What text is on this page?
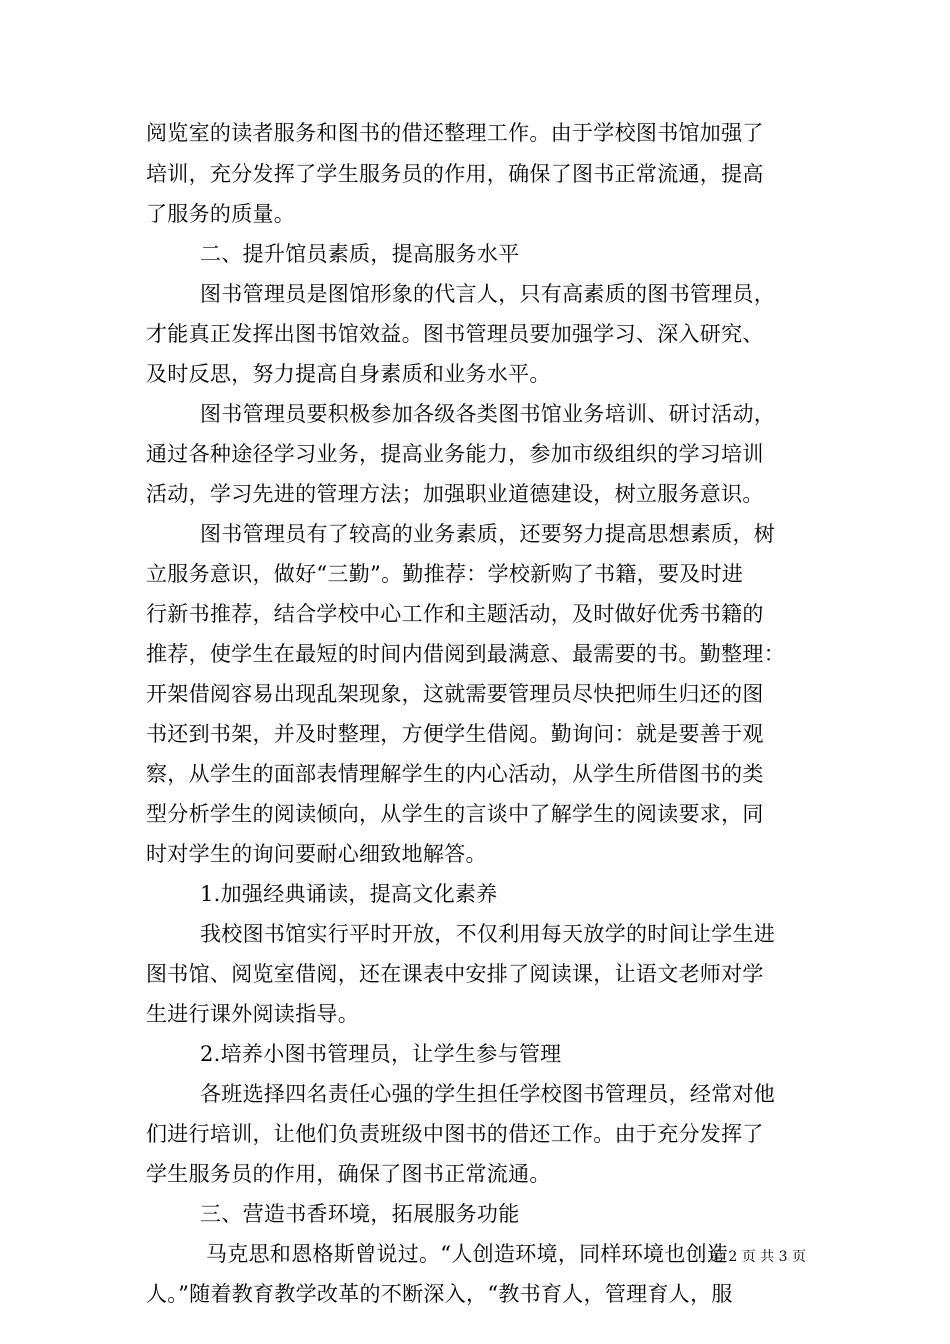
阅览室的读者服务和图书的借还整理工作。由于学校图书馆加强了
培训，充分发挥了学生服务员的作用，确保了图书正常流通，提高
了服务的质量。
二、提升馆员素质，提高服务水平
图书管理员是图馆形象的代言人，只有高素质的图书管理员，
才能真正发挥出图书馆效益。图书管理员要加强学习、深入研究、
及时反思，努力提高自身素质和业务水平。
图书管理员要积极参加各级各类图书馆业务培训、研讨活动，
通过各种途径学习业务，提高业务能力，参加市级组织的学习培训
活动，学习先进的管理方法；加强职业道德建设，树立服务意识。
图书管理员有了较高的业务素质，还要努力提高思想素质，树
立服务意识，做好“三勤”。勤推荐：学校新购了书籍，要及时进
行新书推荐，结合学校中心工作和主题活动，及时做好优秀书籍的
推荐，使学生在最短的时间内借阅到最满意、最需要的书。勤整理：
开架借阅容易出现乱架现象，这就需要管理员尽快把师生归还的图
书还到书架，并及时整理，方便学生借阅。勤询问：就是要善于观
察，从学生的面部表情理解学生的内心活动，从学生所借图书的类
型分析学生的阅读倾向，从学生的言谈中了解学生的阅读要求，同
时对学生的询问要耐心细致地解答。
1.加强经典诵读，提高文化素养
我校图书馆实行平时开放，不仅利用每天放学的时间让学生进
图书馆、阅览室借阅，还在课表中安排了阅读课，让语文老师对学
生进行课外阅读指导。
2.培养小图书管理员，让学生参与管理
各班选择四名责任心强的学生担任学校图书管理员，经常对他
们进行培训，让他们负责班级中图书的借还工作。由于充分发挥了
学生服务员的作用，确保了图书正常流通。
三、营造书香环境，拓展服务功能
马克思和恩格斯曾说过。“人创造环境，同样环境也创造
人。”随着教育教学改革的不断深入，“教书育人，管理育人，服
第 2 页 共 3 页
